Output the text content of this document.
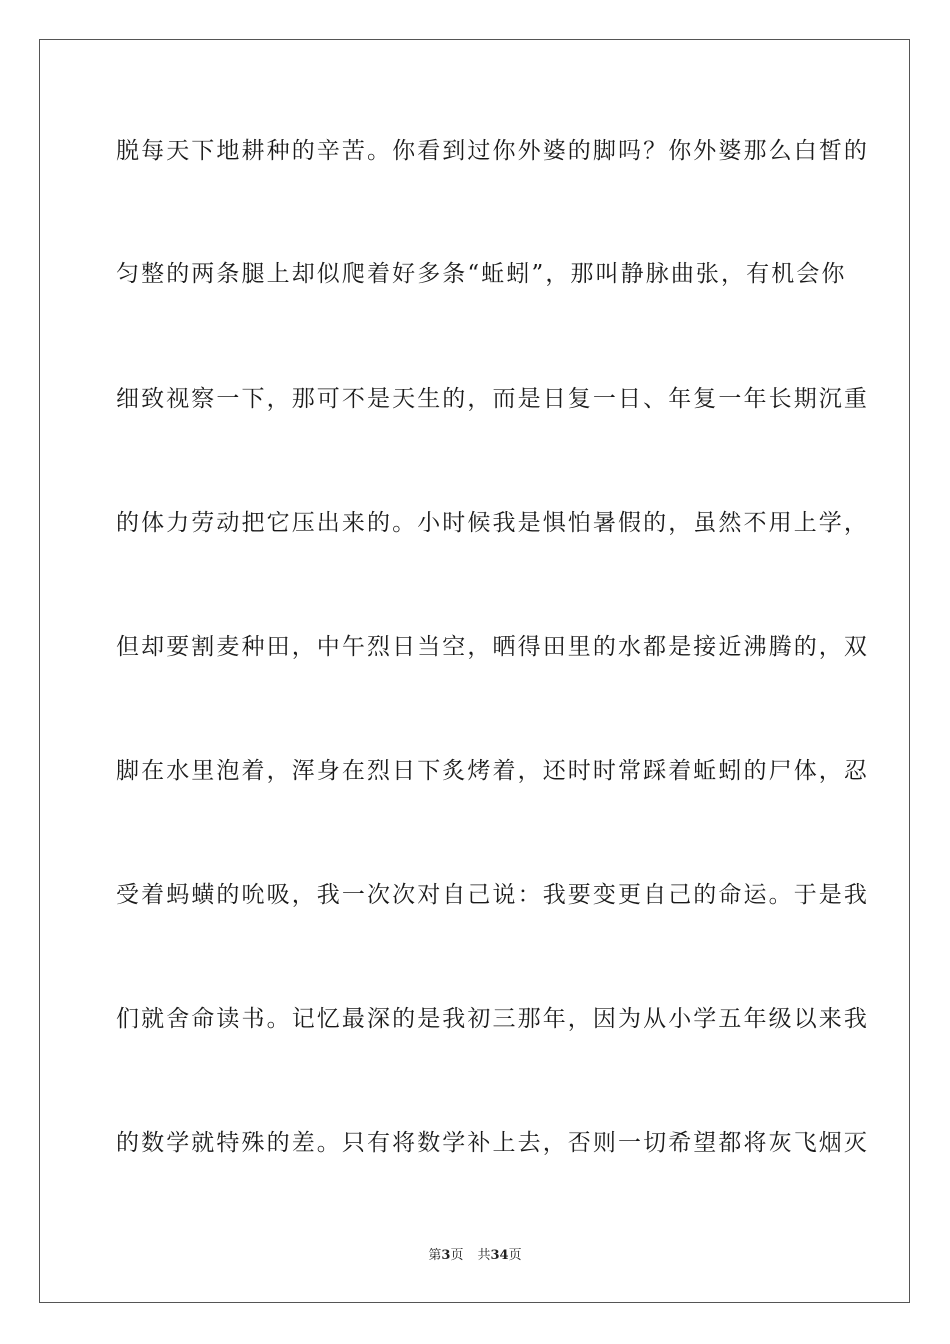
脱每天下地耕种的辛苦。你看到过你外婆的脚吗？你外婆那么白皙的
匀整的两条腿上却似爬着好多条“蚯蚓”，那叫静脉曲张，有机会你
细致视察一下，那可不是天生的，而是日复一日、年复一年长期沉重
的体力劳动把它压出来的。小时候我是惧怕暑假的，虽然不用上学，
但却要割麦种田，中午烈日当空，晒得田里的水都是接近沸腾的，双
脚在水里泡着，浑身在烈日下炙烤着，还时时常踩着蚯蚓的尸体，忍
受着蚂蟥的吮吸，我一次次对自己说：我要变更自己的命运。于是我
们就舍命读书。记忆最深的是我初三那年，因为从小学五年级以来我
的数学就特殊的差。只有将数学补上去，否则一切希望都将灰飞烟灭
第3页 共34页
